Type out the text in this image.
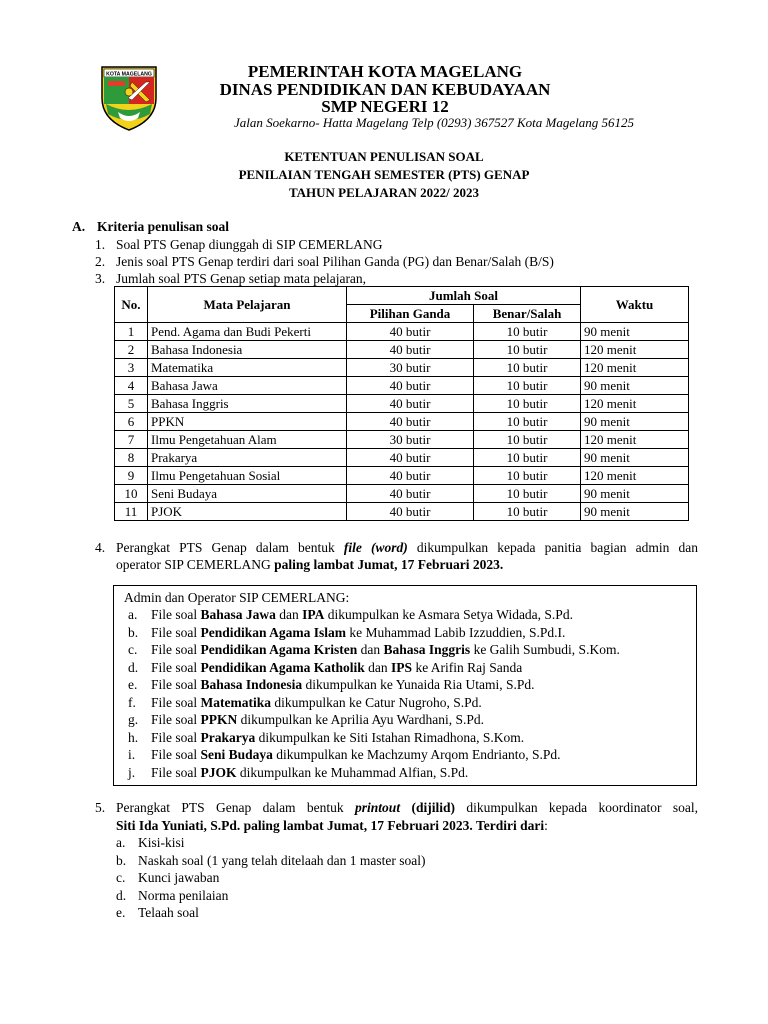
KOTA MAGELANG	PEMERINTAH KOTA MAGELANG
DINAS PENDIDIKAN DAN KEBUDAYAAN
SMP NEGERI 12
Jalan Soekarno- Hatta Magelang Telp (0293) 367527 Kota Magelang 56125
KETENTUAN PENULISAN SOAL
PENILAIAN TENGAH SEMESTER (PTS) GENAP
TAHUN PELAJARAN 2022/ 2023
A. Kriteria penulisan soal
1. Soal PTS Genap diunggah di SIP CEMERLANG
2. Jenis soal PTS Genap terdiri dari soal Pilihan Ganda (PG) dan Benar/Salah (B/S)
3. Jumlah soal PTS Genap setiap mata pelajaran,
No.	Mata Pelajaran	Jumlah Soal		Waktu
		Pilihan Ganda	Benar/Salah	
1	Pend. Agama dan Budi Pekerti	40 butir	10 butir	90 menit
2	Bahasa Indonesia	40 butir	10 butir	120 menit
3	Matematika	30 butir	10 butir	120 menit
4	Bahasa Jawa	40 butir	10 butir	90 menit
5	Bahasa Inggris	40 butir	10 butir	120 menit
6	PPKN	40 butir	10 butir	90 menit
7	Ilmu Pengetahuan Alam	30 butir	10 butir	120 menit
8	Prakarya	40 butir	10 butir	90 menit
9	Ilmu Pengetahuan Sosial	40 butir	10 butir	120 menit
10	Seni Budaya	40 butir	10 butir	90 menit
11	PJOK	40 butir	10 butir	90 menit
4. Perangkat PTS Genap dalam bentuk file (word) dikumpulkan kepada panitia bagian admin dan
operator SIP CEMERLANG paling lambat Jumat, 17 Februari 2023.
Admin dan Operator SIP CEMERLANG:
a. File soal Bahasa Jawa dan IPA dikumpulkan ke Asmara Setya Widada, S.Pd.
b. File soal Pendidikan Agama Islam ke Muhammad Labib Izzuddien, S.Pd.I.
c. File soal Pendidikan Agama Kristen dan Bahasa Inggris ke Galih Sumbudi, S.Kom.
d. File soal Pendidikan Agama Katholik dan IPS ke Arifin Raj Sanda
e. File soal Bahasa Indonesia dikumpulkan ke Yunaida Ria Utami, S.Pd.
f. File soal Matematika dikumpulkan ke Catur Nugroho, S.Pd.
g. File soal PPKN dikumpulkan ke Aprilia Ayu Wardhani, S.Pd.
h. File soal Prakarya dikumpulkan ke Siti Istahan Rimadhona, S.Kom.
i. File soal Seni Budaya dikumpulkan ke Machzumy Arqom Endrianto, S.Pd.
j. File soal PJOK dikumpulkan ke Muhammad Alfian, S.Pd.
5. Perangkat PTS Genap dalam bentuk printout (dijilid) dikumpulkan kepada koordinator soal,
Siti Ida Yuniati, S.Pd. paling lambat Jumat, 17 Februari 2023. Terdiri dari:
a. Kisi-kisi
b. Naskah soal (1 yang telah ditelaah dan 1 master soal)
c. Kunci jawaban
d. Norma penilaian
e. Telaah soal
